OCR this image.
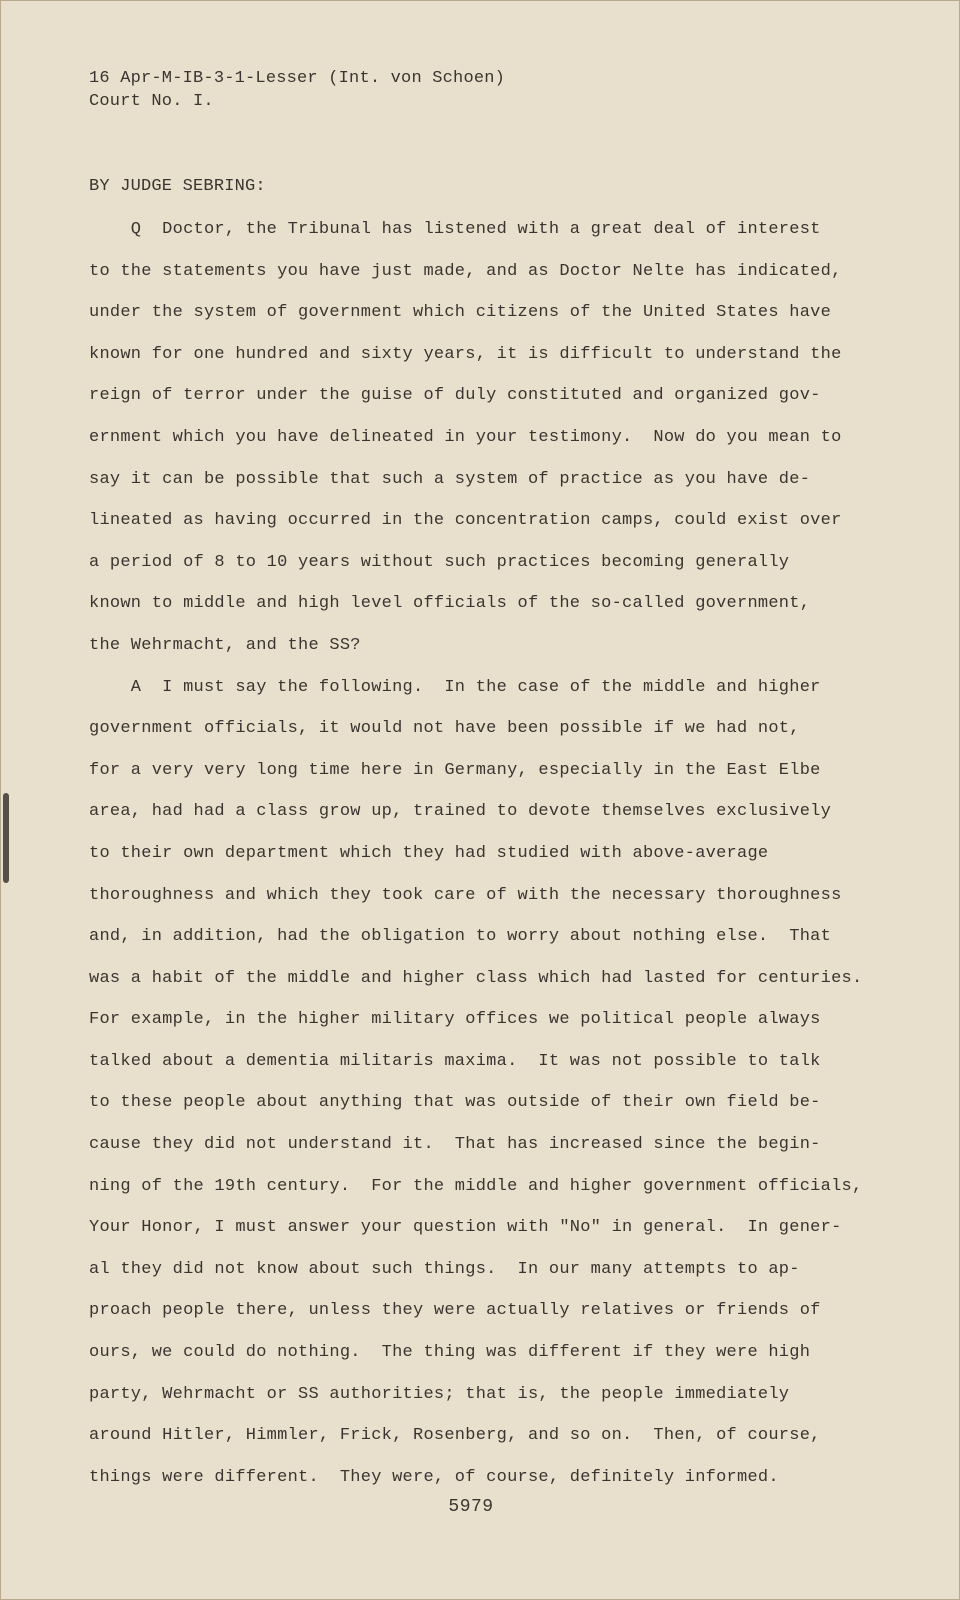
16 Apr-M-IB-3-1-Lesser (Int. von Schoen)
Court No. I.
BY JUDGE SEBRING:
Q  Doctor, the Tribunal has listened with a great deal of interest
to the statements you have just made, and as Doctor Nelte has indicated,
under the system of government which citizens of the United States have
known for one hundred and sixty years, it is difficult to understand the
reign of terror under the guise of duly constituted and organized gov-
ernment which you have delineated in your testimony.  Now do you mean to
say it can be possible that such a system of practice as you have de-
lineated as having occurred in the concentration camps, could exist over
a period of 8 to 10 years without such practices becoming generally
known to middle and high level officials of the so-called government,
the Wehrmacht, and the SS?
A  I must say the following.  In the case of the middle and higher
government officials, it would not have been possible if we had not,
for a very very long time here in Germany, especially in the East Elbe
area, had had a class grow up, trained to devote themselves exclusively
to their own department which they had studied with above-average
thoroughness and which they took care of with the necessary thoroughness
and, in addition, had the obligation to worry about nothing else.  That
was a habit of the middle and higher class which had lasted for centuries.
For example, in the higher military offices we political people always
talked about a dementia militaris maxima.  It was not possible to talk
to these people about anything that was outside of their own field be-
cause they did not understand it.  That has increased since the begin-
ning of the 19th century.  For the middle and higher government officials,
Your Honor, I must answer your question with "No" in general.  In gener-
al they did not know about such things.  In our many attempts to ap-
proach people there, unless they were actually relatives or friends of
ours, we could do nothing.  The thing was different if they were high
party, Wehrmacht or SS authorities; that is, the people immediately
around Hitler, Himmler, Frick, Rosenberg, and so on.  Then, of course,
things were different.  They were, of course, definitely informed.
5979
